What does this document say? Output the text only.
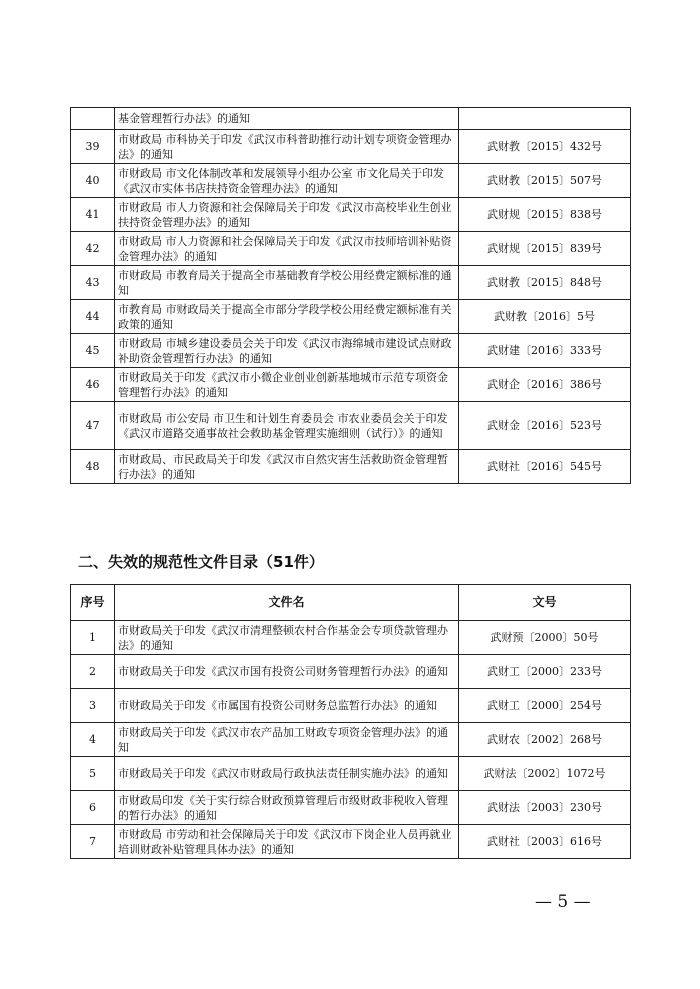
	基金管理暂行办法》的通知	
39	市财政局 市科协关于印发《武汉市科普助推行动计划专项资金管理办法》的通知	武财教〔2015〕432号
40	市财政局 市文化体制改革和发展领导小组办公室 市文化局关于印发《武汉市实体书店扶持资金管理办法》的通知	武财教〔2015〕507号
41	市财政局 市人力资源和社会保障局关于印发《武汉市高校毕业生创业扶持资金管理办法》的通知	武财规〔2015〕838号
42	市财政局 市人力资源和社会保障局关于印发《武汉市技师培训补贴资金管理办法》的通知	武财规〔2015〕839号
43	市财政局 市教育局关于提高全市基础教育学校公用经费定额标准的通知	武财教〔2015〕848号
44	市教育局 市财政局关于提高全市部分学段学校公用经费定额标准有关政策的通知	武财教〔2016〕5号
45	市财政局 市城乡建设委员会关于印发《武汉市海绵城市建设试点财政补助资金管理暂行办法》的通知	武财建〔2016〕333号
46	市财政局关于印发《武汉市小微企业创业创新基地城市示范专项资金管理暂行办法》的通知	武财企〔2016〕386号
47	市财政局 市公安局 市卫生和计划生育委员会 市农业委员会关于印发《武汉市道路交通事故社会救助基金管理实施细则（试行）》的通知	武财金〔2016〕523号
48	市财政局、市民政局关于印发《武汉市自然灾害生活救助资金管理暂行办法》的通知	武财社〔2016〕545号
二、失效的规范性文件目录（51件）
序号	文件名	文号
1	市财政局关于印发《武汉市清理整顿农村合作基金会专项贷款管理办法》的通知	武财预〔2000〕50号
2	市财政局关于印发《武汉市国有投资公司财务管理暂行办法》的通知	武财工〔2000〕233号
3	市财政局关于印发《市属国有投资公司财务总监暂行办法》的通知	武财工〔2000〕254号
4	市财政局关于印发《武汉市农产品加工财政专项资金管理办法》的通知	武财农〔2002〕268号
5	市财政局关于印发《武汉市财政局行政执法责任制实施办法》的通知	武财法〔2002〕1072号
6	市财政局印发《关于实行综合财政预算管理后市级财政非税收入管理的暂行办法》的通知	武财法〔2003〕230号
7	市财政局 市劳动和社会保障局关于印发《武汉市下岗企业人员再就业培训财政补贴管理具体办法》的通知	武财社〔2003〕616号
— 5 —
